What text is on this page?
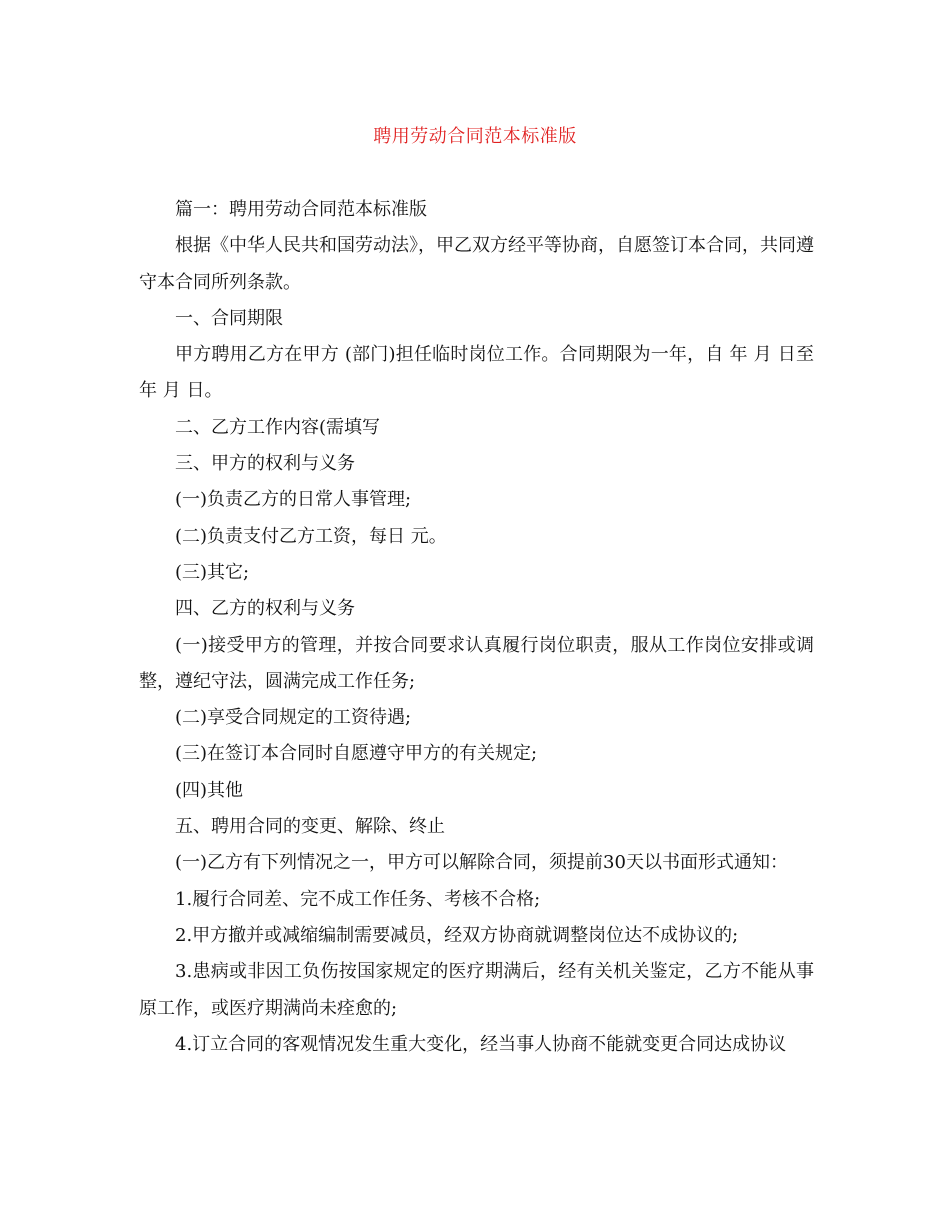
聘用劳动合同范本标准版

篇一：聘用劳动合同范本标准版

根据《中华人民共和国劳动法》，甲乙双方经平等协商，自愿签订本合同，共同遵守本合同所列条款。

一、合同期限

甲方聘用乙方在甲方 (部门)担任临时岗位工作。合同期限为一年，自 年 月 日至 年 月 日。

二、乙方工作内容(需填写

三、甲方的权利与义务

(一)负责乙方的日常人事管理;

(二)负责支付乙方工资，每日 元。

(三)其它;

四、乙方的权利与义务

(一)接受甲方的管理，并按合同要求认真履行岗位职责，服从工作岗位安排或调整，遵纪守法，圆满完成工作任务;

(二)享受合同规定的工资待遇;

(三)在签订本合同时自愿遵守甲方的有关规定;

(四)其他

五、聘用合同的变更、解除、终止

(一)乙方有下列情况之一，甲方可以解除合同，须提前30天以书面形式通知：

1.履行合同差、完不成工作任务、考核不合格;

2.甲方撤并或减缩编制需要减员，经双方协商就调整岗位达不成协议的;

3.患病或非因工负伤按国家规定的医疗期满后，经有关机关鉴定，乙方不能从事原工作，或医疗期满尚未痊愈的;

4.订立合同的客观情况发生重大变化，经当事人协商不能就变更合同达成协议
